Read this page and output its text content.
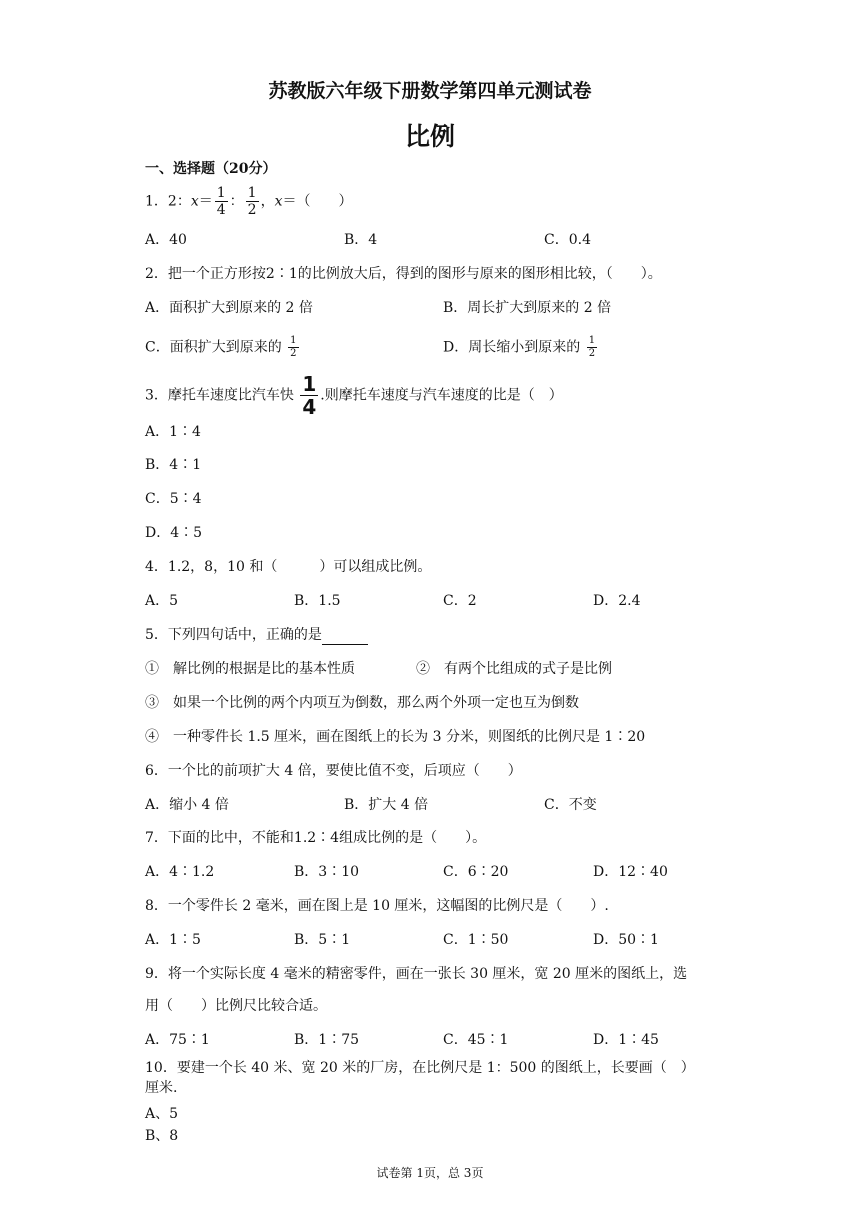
苏教版六年级下册数学第四单元测试卷
比例
一、选择题（20分）
1．2：$x= \frac{1}{4}$ ： $\frac{1}{2}$ ，x＝（　　）
A．40	B．4	C．0.4
2．把一个正方形按2∶1的比例放大后，得到的图形与原来的图形相比较，（　　）。
A．面积扩大到原来的 2 倍	B．周长扩大到原来的 2 倍
C．面积扩大到原来的 $\frac{1}{2}$	D．周长缩小到原来的 $\frac{1}{2}$
3．摩托车速度比汽车快 $\frac{1}{4}$ .则摩托车速度与汽车速度的比是（　）
A．1∶4
B．4∶1
C．5∶4
D．4∶5
4．1.2，8，10 和（　　　）可以组成比例。
A．5	B．1.5	C．2	D．2.4
5．下列四句话中，正确的是
①　解比例的根据是比的基本性质	②　有两个比组成的式子是比例
③　如果一个比例的两个内项互为倒数，那么两个外项一定也互为倒数
④　一种零件长 1.5 厘米，画在图纸上的长为 3 分米，则图纸的比例尺是 1∶20
6．一个比的前项扩大 4 倍，要使比值不变，后项应（　　）
A．缩小 4 倍	B．扩大 4 倍	C．不变
7．下面的比中，不能和1.2∶4组成比例的是（　　）。
A．4∶1.2	B．3∶10	C．6∶20	D．12∶40
8．一个零件长 2 毫米，画在图上是 10 厘米，这幅图的比例尺是（　　）.
A．1∶5	B．5∶1	C．1∶50	D．50∶1
9．将一个实际长度 4 毫米的精密零件，画在一张长 30 厘米，宽 20 厘米的图纸上，选
用（　　）比例尺比较合适。
A．75∶1	B．1∶75	C．45∶1	D．1∶45
10．要建一个长 40 米、宽 20 米的厂房，在比例尺是 1：500 的图纸上，长要画（　）
厘米.
A、5
B、8
试卷第 1页，总 3页
